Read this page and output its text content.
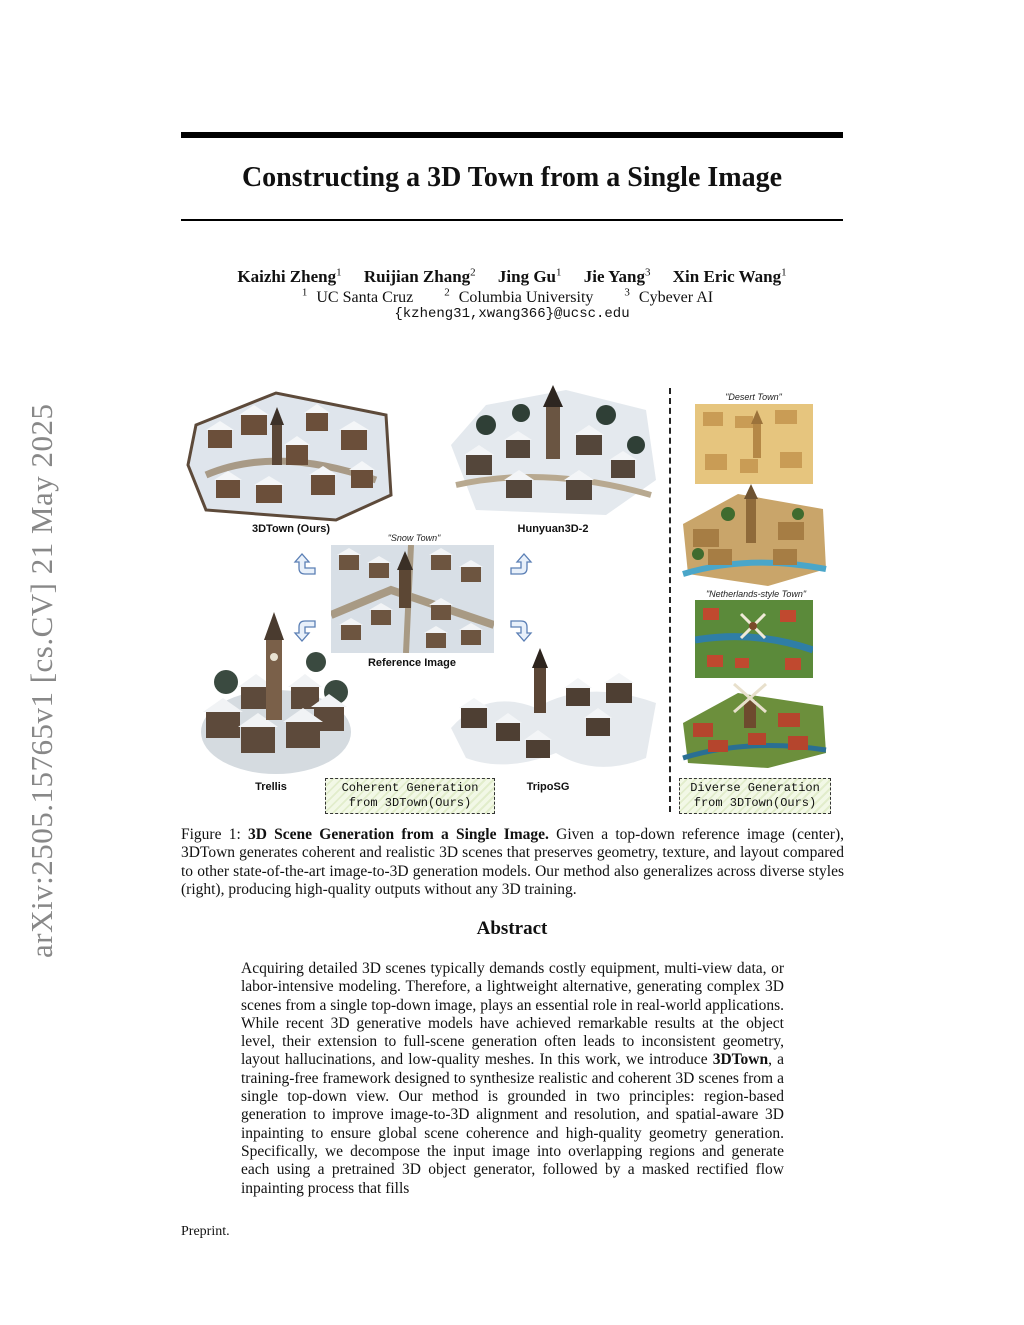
Constructing a 3D Town from a Single Image
Kaizhi Zheng$^1$ Ruijian Zhang$^2$ Jing Gu$^1$ Jie Yang$^3$ Xin Eric Wang$^1$
$^1$ UC Santa Cruz	$^2$ Columbia University	$^3$ Cybever AI
{kzheng31,xwang366}@ucsc.edu
arXiv:2505.15765v1 [cs.CV] 21 May 2025	3DTown (Ours)	Hunyuan3D-2
"Snow Town"
Reference Image
Trellis	Coherent Generation
from 3DTown(Ours)
TripoSG
"Desert Town"
"Netherlands-style Town"
Diverse Generation
from 3DTown(Ours)
Figure 1: 3D Scene Generation from a Single Image. Given a top-down reference image (center), 3DTown generates coherent and realistic 3D scenes that preserves geometry, texture, and layout compared to other state-of-the-art image-to-3D generation models. Our method also generalizes across diverse styles (right), producing high-quality outputs without any 3D training.
Abstract
Acquiring detailed 3D scenes typically demands costly equipment, multi-view data, or labor-intensive modeling. Therefore, a lightweight alternative, generating complex 3D scenes from a single top-down image, plays an essential role in real-world applications. While recent 3D generative models have achieved remarkable results at the object level, their extension to full-scene generation often leads to inconsistent geometry, layout hallucinations, and low-quality meshes. In this work, we introduce 3DTown, a training-free framework designed to synthesize realistic and coherent 3D scenes from a single top-down view. Our method is grounded in two principles: region-based generation to improve image-to-3D alignment and resolution, and spatial-aware 3D inpainting to ensure global scene coherence and high-quality geometry generation. Specifically, we decompose the input image into overlapping regions and generate each using a pretrained 3D object generator, followed by a masked rectified flow inpainting process that fills
Preprint.
